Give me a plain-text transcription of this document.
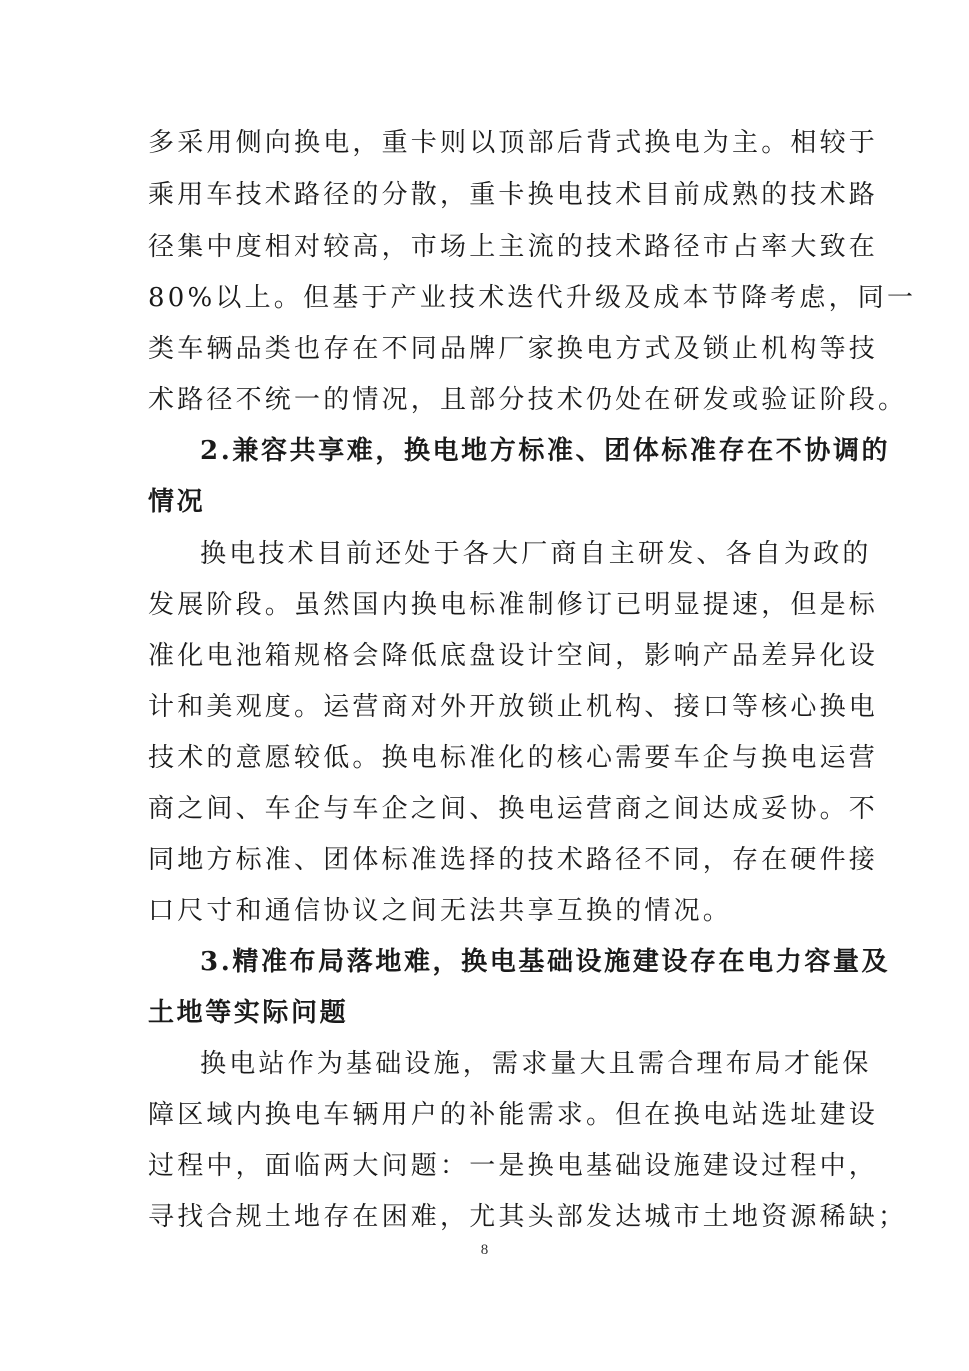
多采用侧向换电，重卡则以顶部后背式换电为主。相较于
乘用车技术路径的分散，重卡换电技术目前成熟的技术路
径集中度相对较高，市场上主流的技术路径市占率大致在
80%以上。但基于产业技术迭代升级及成本节降考虑，同一
类车辆品类也存在不同品牌厂家换电方式及锁止机构等技
术路径不统一的情况，且部分技术仍处在研发或验证阶段。
2.兼容共享难，换电地方标准、团体标准存在不协调的
情况
换电技术目前还处于各大厂商自主研发、各自为政的
发展阶段。虽然国内换电标准制修订已明显提速，但是标
准化电池箱规格会降低底盘设计空间，影响产品差异化设
计和美观度。运营商对外开放锁止机构、接口等核心换电
技术的意愿较低。换电标准化的核心需要车企与换电运营
商之间、车企与车企之间、换电运营商之间达成妥协。不
同地方标准、团体标准选择的技术路径不同，存在硬件接
口尺寸和通信协议之间无法共享互换的情况。
3.精准布局落地难，换电基础设施建设存在电力容量及
土地等实际问题
换电站作为基础设施，需求量大且需合理布局才能保
障区域内换电车辆用户的补能需求。但在换电站选址建设
过程中，面临两大问题：一是换电基础设施建设过程中，
寻找合规土地存在困难，尤其头部发达城市土地资源稀缺；
8
